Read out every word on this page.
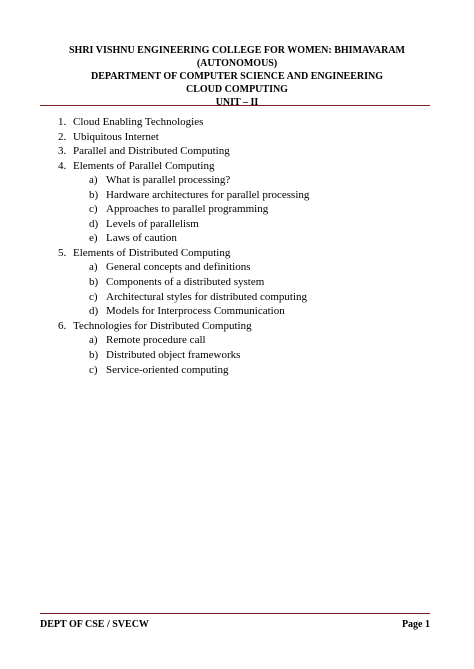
SHRI VISHNU ENGINEERING COLLEGE FOR WOMEN: BHIMAVARAM
(AUTONOMOUS)
DEPARTMENT OF COMPUTER SCIENCE AND ENGINEERING
CLOUD COMPUTING
UNIT – II
1. Cloud Enabling Technologies
2. Ubiquitous Internet
3. Parallel and Distributed Computing
4. Elements of Parallel Computing
a) What is parallel processing?
b) Hardware architectures for parallel processing
c) Approaches to parallel programming
d) Levels of parallelism
e) Laws of caution
5. Elements of Distributed Computing
a) General concepts and definitions
b) Components of a distributed system
c) Architectural styles for distributed computing
d) Models for Interprocess Communication
6. Technologies for Distributed Computing
a) Remote procedure call
b) Distributed object frameworks
c) Service-oriented computing
DEPT OF CSE / SVECW	Page 1
